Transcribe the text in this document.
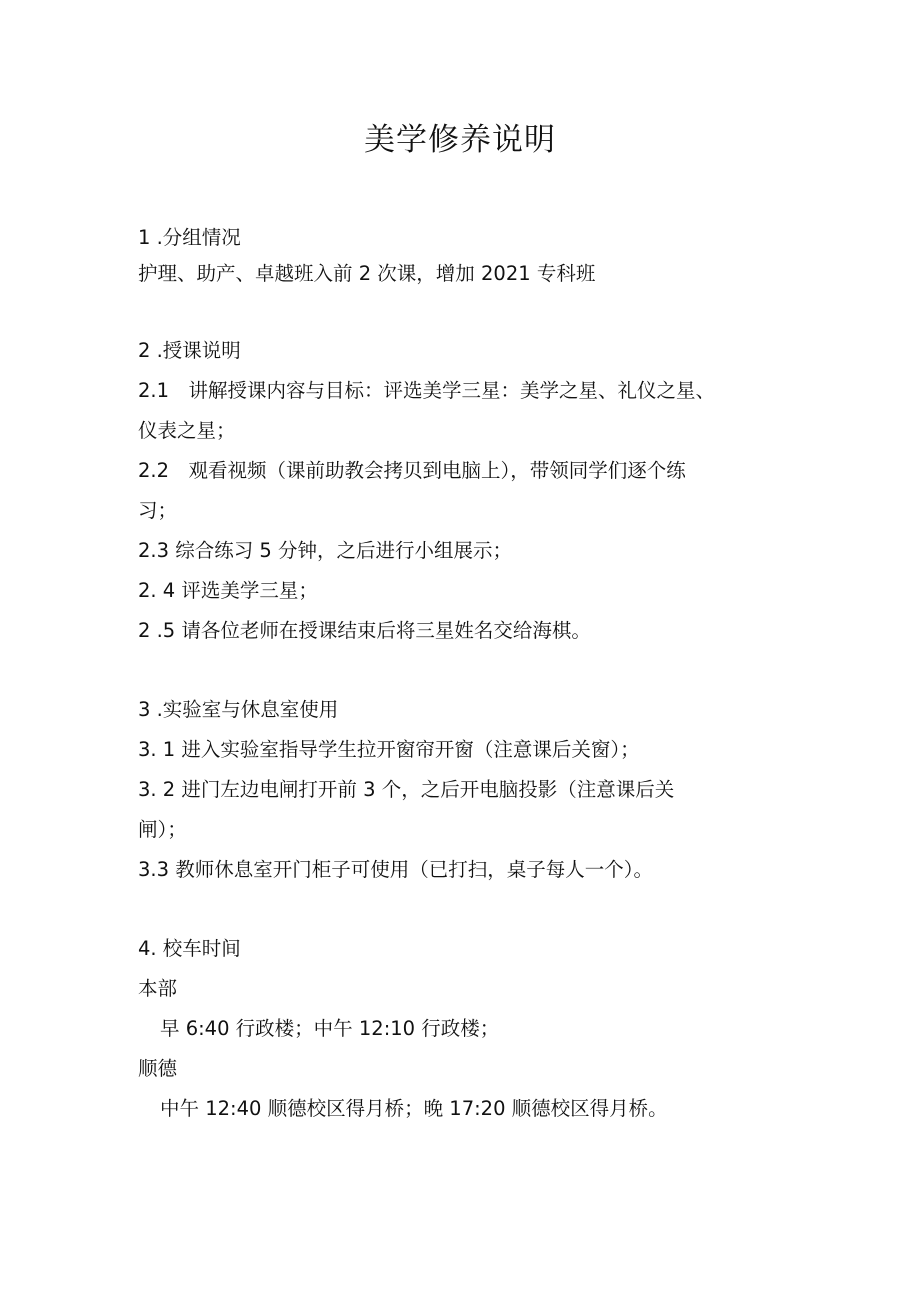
美学修养说明
1 .分组情况
护理、助产、卓越班入前 2 次课，增加 2021 专科班
2 .授课说明
2.1　讲解授课内容与目标：评选美学三星：美学之星、礼仪之星、
仪表之星；
2.2　观看视频（课前助教会拷贝到电脑上），带领同学们逐个练
习；
2.3 综合练习 5 分钟，之后进行小组展示；
2. 4 评选美学三星；
2 .5 请各位老师在授课结束后将三星姓名交给海棋。
3 .实验室与休息室使用
3. 1 进入实验室指导学生拉开窗帘开窗（注意课后关窗）；
3. 2 进门左边电闸打开前 3 个，之后开电脑投影（注意课后关
闸）；
3.3 教师休息室开门柜子可使用（已打扫，桌子每人一个）。
4. 校车时间
本部
早 6:40 行政楼；中午 12:10 行政楼；
顺德
中午 12:40 顺德校区得月桥；晚 17:20 顺德校区得月桥。
